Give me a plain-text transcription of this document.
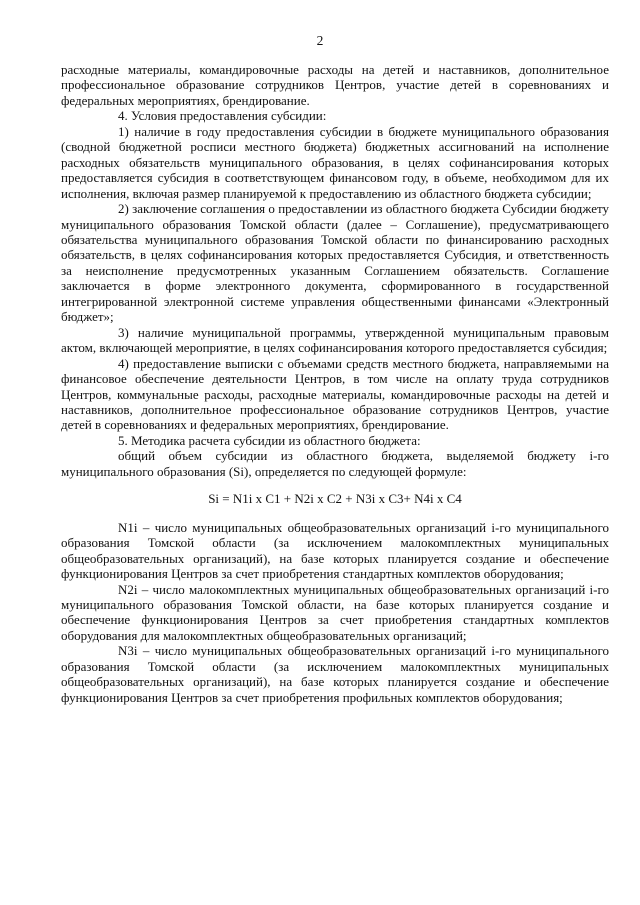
2

расходные материалы, командировочные расходы на детей и наставников, дополнительное профессиональное образование сотрудников Центров, участие детей в соревнованиях и федеральных мероприятиях, брендирование.

4. Условия предоставления субсидии:

1) наличие в году предоставления субсидии в бюджете муниципального образования (сводной бюджетной росписи местного бюджета) бюджетных ассигнований на исполнение расходных обязательств муниципального образования, в целях софинансирования которых предоставляется субсидия в соответствующем финансовом году, в объеме, необходимом для их исполнения, включая размер планируемой к предоставлению из областного бюджета субсидии;

2) заключение соглашения о предоставлении из областного бюджета Субсидии бюджету муниципального образования Томской области (далее – Соглашение), предусматривающего обязательства муниципального образования Томской области по финансированию расходных обязательств, в целях софинансирования которых предоставляется Субсидия, и ответственность за неисполнение предусмотренных указанным Соглашением обязательств. Соглашение заключается в форме электронного документа, сформированного в государственной интегрированной электронной системе управления общественными финансами «Электронный бюджет»;

3) наличие муниципальной программы, утвержденной муниципальным правовым актом, включающей мероприятие, в целях софинансирования которого предоставляется субсидия;

4) предоставление выписки с объемами средств местного бюджета, направляемыми на финансовое обеспечение деятельности Центров, в том числе на оплату труда сотрудников Центров, коммунальные расходы, расходные материалы, командировочные расходы на детей и наставников, дополнительное профессиональное образование сотрудников Центров, участие детей в соревнованиях и федеральных мероприятиях, брендирование.

5. Методика расчета субсидии из областного бюджета:

общий объем субсидии из областного бюджета, выделяемой бюджету i-го муниципального образования (Si), определяется по следующей формуле:

Si = N1i x C1 + N2i x C2 + N3i x C3+ N4i x C4

N1i – число муниципальных общеобразовательных организаций i-го муниципального образования Томской области (за исключением малокомплектных муниципальных общеобразовательных организаций), на базе которых планируется создание и обеспечение функционирования Центров за счет приобретения стандартных комплектов оборудования;

N2i – число малокомплектных муниципальных общеобразовательных организаций i-го муниципального образования Томской области, на базе которых планируется создание и обеспечение функционирования Центров за счет приобретения стандартных комплектов оборудования для малокомплектных общеобразовательных организаций;

N3i – число муниципальных общеобразовательных организаций i-го муниципального образования Томской области (за исключением малокомплектных муниципальных общеобразовательных организаций), на базе которых планируется создание и обеспечение функционирования Центров за счет приобретения профильных комплектов оборудования;
